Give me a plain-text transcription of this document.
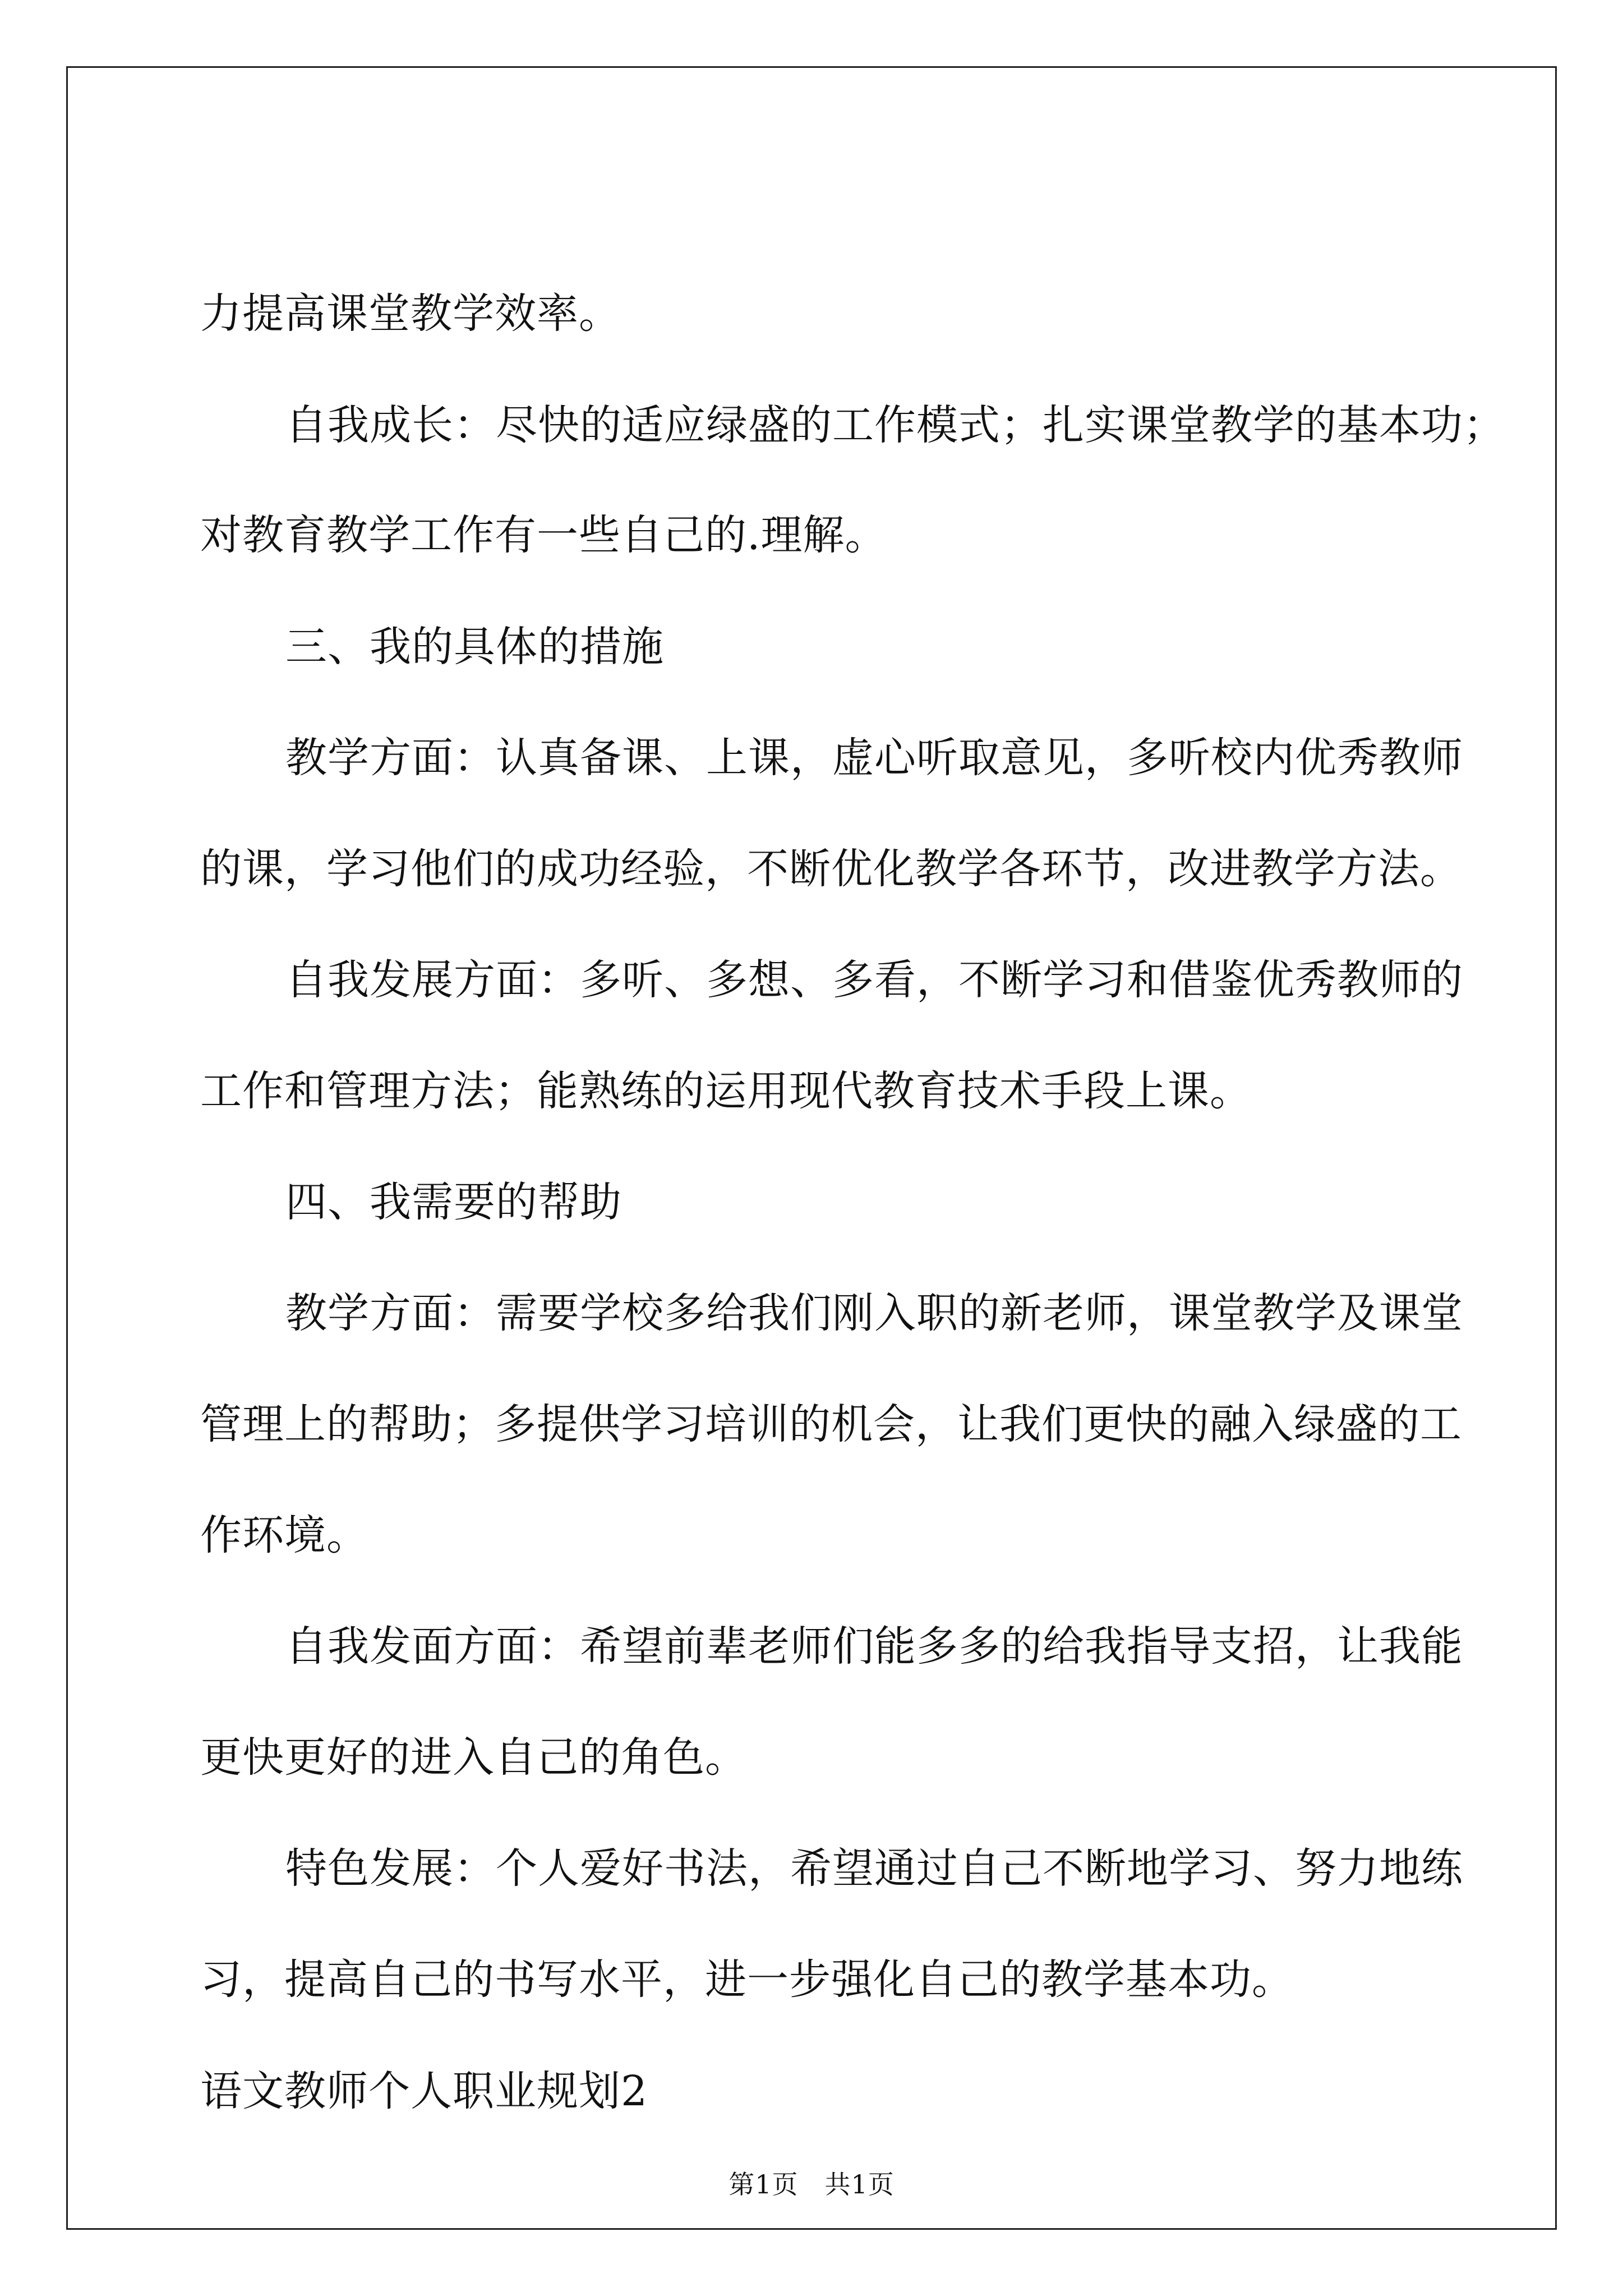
力提高课堂教学效率。
自我成长：尽快的适应绿盛的工作模式；扎实课堂教学的基本功；
对教育教学工作有一些自己的.理解。
三、我的具体的措施
教学方面：认真备课、上课，虚心听取意见，多听校内优秀教师
的课，学习他们的成功经验，不断优化教学各环节，改进教学方法。
自我发展方面：多听、多想、多看，不断学习和借鉴优秀教师的
工作和管理方法；能熟练的运用现代教育技术手段上课。
四、我需要的帮助
教学方面：需要学校多给我们刚入职的新老师，课堂教学及课堂
管理上的帮助；多提供学习培训的机会，让我们更快的融入绿盛的工
作环境。
自我发面方面：希望前辈老师们能多多的给我指导支招，让我能
更快更好的进入自己的角色。
特色发展：个人爱好书法，希望通过自己不断地学习、努力地练
习，提高自己的书写水平，进一步强化自己的教学基本功。
语文教师个人职业规划2
第1页　共1页
